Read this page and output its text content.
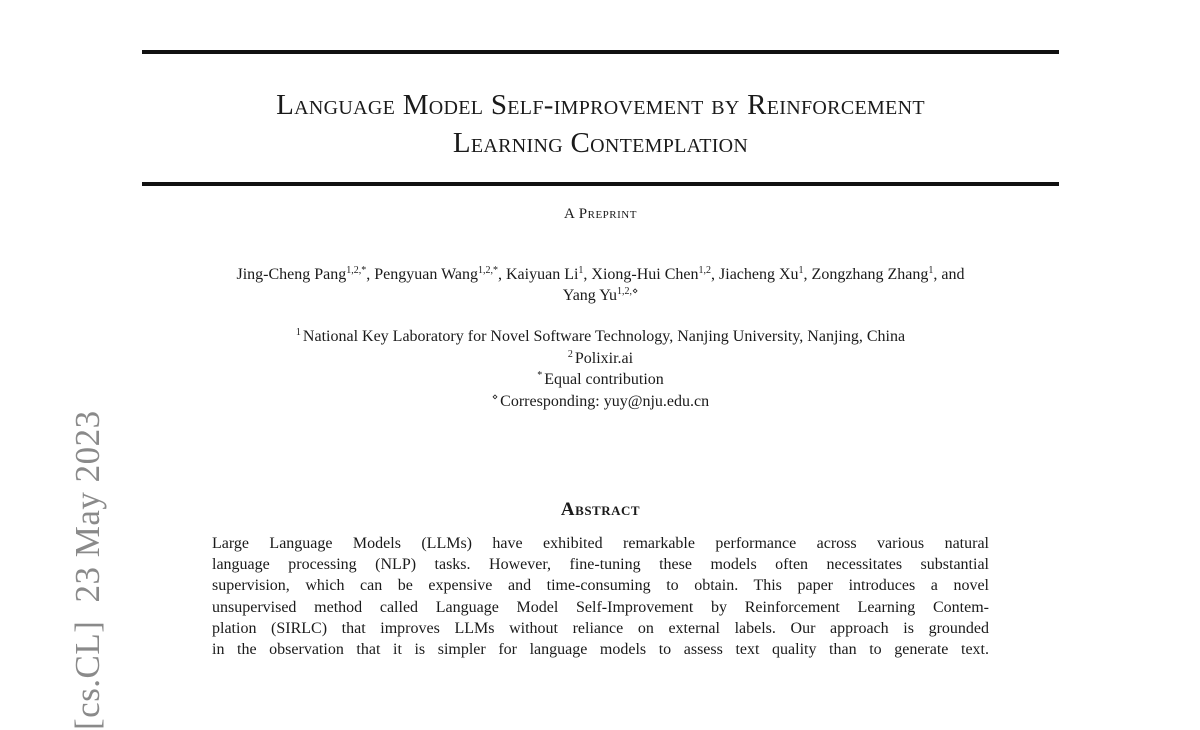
[cs.CL]23 May 2023
Language Model Self-improvement by Reinforcement
Learning Contemplation
A Preprint
Jing-Cheng Pang$^{1,2,*}$, Pengyuan Wang$^{1,2,*}$, Kaiyuan Li$^1$, Xiong-Hui Chen$^{1,2}$, Jiacheng Xu$^1$, Zongzhang Zhang$^1$, and
Yang $Yu^{1,2,⋄}$
$^1$ National Key Laboratory for Novel Software Technology, Nanjing University, Nanjing, China
$^2$ Polixir.ai
* Equal contribution
⋄ Corresponding: yuy@nju.edu.cn
Abstract
Large Language Models (LLMs) have exhibited remarkable performance across various natural
language processing (NLP) tasks. However, fine-tuning these models often necessitates substantial
supervision, which can be expensive and time-consuming to obtain. This paper introduces a novel
unsupervised method called Language Model Self-Improvement by Reinforcement Learning Contem-
plation (SIRLC) that improves LLMs without reliance on external labels. Our approach is grounded
in the observation that it is simpler for language models to assess text quality than to generate text.
